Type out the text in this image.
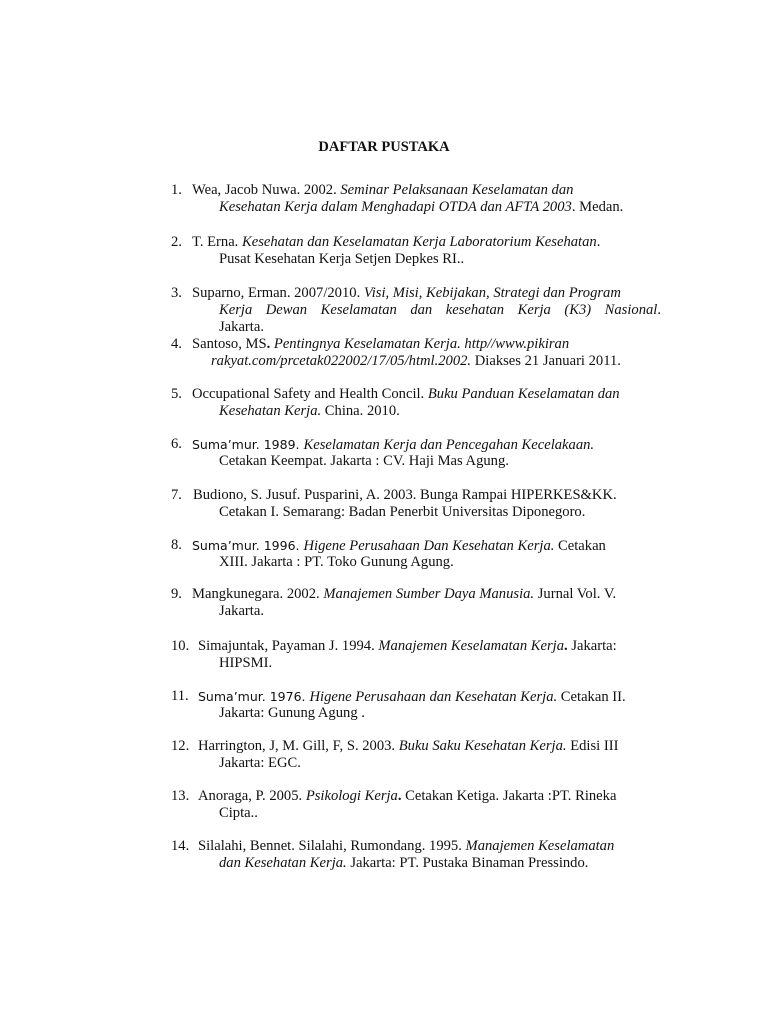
DAFTAR PUSTAKA
1. Wea, Jacob Nuwa. 2002. Seminar Pelaksanaan Keselamatan dan
Kesehatan Kerja dalam Menghadapi OTDA dan AFTA 2003. Medan.
2. T. Erna. Kesehatan dan Keselamatan Kerja Laboratorium Kesehatan.
Pusat Kesehatan Kerja Setjen Depkes RI..
3. Suparno, Erman. 2007/2010. Visi, Misi, Kebijakan, Strategi dan Program
Kerja Dewan Keselamatan dan kesehatan Kerja (K3) Nasional.
Jakarta.
4. Santoso, MS. Pentingnya Keselamatan Kerja. http//www.pikiran
rakyat.com/prcetak022002/17/05/html.2002. Diakses 21 Januari 2011.
5. Occupational Safety and Health Concil. Buku Panduan Keselamatan dan
Kesehatan Kerja. China. 2010.
6. Suma’mur. 1989. Keselamatan Kerja dan Pencegahan Kecelakaan.
Cetakan Keempat. Jakarta : CV. Haji Mas Agung.
7. Budiono, S. Jusuf. Pusparini, A. 2003. Bunga Rampai HIPERKES&KK.
Cetakan I. Semarang: Badan Penerbit Universitas Diponegoro.
8. Suma’mur. 1996. Higene Perusahaan Dan Kesehatan Kerja. Cetakan
XIII. Jakarta : PT. Toko Gunung Agung.
9. Mangkunegara. 2002. Manajemen Sumber Daya Manusia. Jurnal Vol. V.
Jakarta.
10. Simajuntak, Payaman J. 1994. Manajemen Keselamatan Kerja. Jakarta:
HIPSMI.
11. Suma’mur. 1976. Higene Perusahaan dan Kesehatan Kerja. Cetakan II.
Jakarta: Gunung Agung .
12. Harrington, J, M. Gill, F, S. 2003. Buku Saku Kesehatan Kerja. Edisi III
Jakarta: EGC.
13. Anoraga, P. 2005. Psikologi Kerja. Cetakan Ketiga. Jakarta :PT. Rineka
Cipta..
14. Silalahi, Bennet. Silalahi, Rumondang. 1995. Manajemen Keselamatan
dan Kesehatan Kerja. Jakarta: PT. Pustaka Binaman Pressindo.
